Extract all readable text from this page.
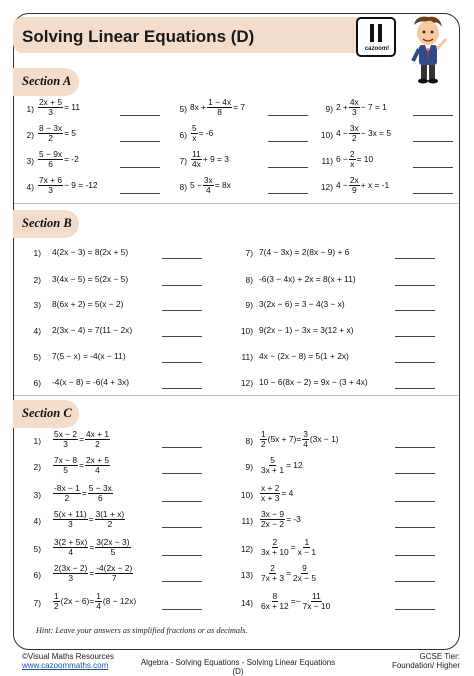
Solving Linear Equations (D)
cazoom!
Section A
Section B
Section C
$1) \frac{2x + 5}{3} = 11$
$2) \frac{8 - 3x}{2} = 5$
$3) \frac{5 - 9x}{6} = -2$
$4) \frac{7x + 6}{3} - 9 = -12$
5) $8x + \frac{1 - 4x}{8} = 7$
$6) \frac{5}{x} = -6$
$7) \frac{11}{4x} + 9 = 3$
8) $5 - \frac{3x}{4} = 8x$
9) $2 + \frac{4x}{3} - 7 = 1$
10) $4 - \frac{3x}{2} - 3x = 5$
11) $6 - \frac{2}{x} = 10$
12) $4 - \frac{2x}{9} + x = -1$
1) 4(2x − 3) = 8(2x + 5)
2) 3(4x − 5) = 5(2x − 5)
3) 8(6x + 2) = 5(x − 2)
4) 2(3x − 4) = 7(11 − 2x)
5) 7(5 − x) = -4(x − 11)
6) -4(x − 8) = -6(4 + 3x)
7) 7(4 − 3x) = 2(8x − 9) + 6
8) -6(3 − 4x) + 2x = 8(x + 11)
9) 3(2x − 6) = 3 − 4(3 − x)
10) 9(2x − 1) − 3x = 3(12 + x)
11) 4x − (2x − 8) = 5(1 + 2x)
12) 10 − 6(8x − 2) = 9x − (3 + 4x)
$1) \frac{5x - 2}{3} = \frac{4x + 1}{2}$
$2) \frac{7x - 8}{5} = \frac{2x + 5}{4}$
$3) \frac{-8x - 1}{2} = \frac{5 - 3x}{6}$
$4) \frac{5(x + 11)}{3} = \frac{3(1 + x)}{2}$
$5) \frac{3(2 + 5x)}{4} = \frac{3(2x - 3)}{5}$
$6) \frac{2(3x - 2)}{3} = \frac{-4(2x - 2)}{7}$
$7) \frac{1}{2} (2x - 6) = \frac{1}{4} (8 - 12x)$
$8) \frac{1}{2} (5x + 7) = \frac{3}{4} (3x - 1)$
$9) \frac{5}{3x + 1} = 12$
$10) \frac{x + 2}{x + 3} = 4$
$11) \frac{3x - 9}{2x - 2} = -3$
$12) \frac{2}{3x + 10} = \frac{1}{x - 1}$
$13) \frac{2}{7x + 3} = \frac{9}{2x - 5}$
$14) \frac{8}{6x + 12}$ = − $\frac{11}{7x - 10}$
Hint: Leave your answers as simplified fractions or as decimals.
©Visual Maths Resources
www.cazoommaths.com	Algebra - Solving Equations - Solving Linear Equations (D)
GCSE Tier:
Foundation/ Higher
